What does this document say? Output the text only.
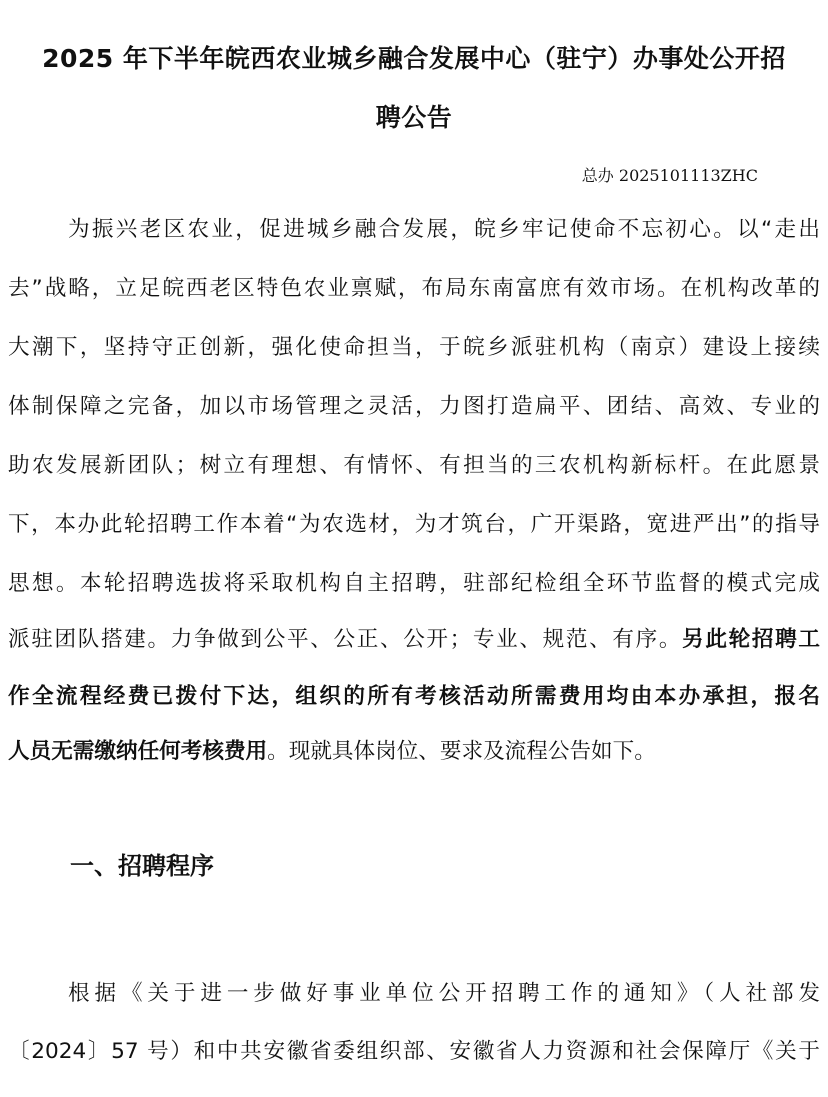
2025 年下半年皖西农业城乡融合发展中心（驻宁）办事处公开招
聘公告
总办 2025101113ZHC
为振兴老区农业，促进城乡融合发展，皖乡牢记使命不忘初心。以“走出
去”战略，立足皖西老区特色农业禀赋，布局东南富庶有效市场。在机构改革的
大潮下，坚持守正创新，强化使命担当，于皖乡派驻机构（南京）建设上接续
体制保障之完备，加以市场管理之灵活，力图打造扁平、团结、高效、专业的
助农发展新团队；树立有理想、有情怀、有担当的三农机构新标杆。在此愿景
下，本办此轮招聘工作本着“为农选材，为才筑台，广开渠路，宽进严出”的指导
思想。本轮招聘选拔将采取机构自主招聘，驻部纪检组全环节监督的模式完成
派驻团队搭建。力争做到公平、公正、公开；专业、规范、有序。另此轮招聘工
作全流程经费已拨付下达，组织的所有考核活动所需费用均由本办承担，报名
人员无需缴纳任何考核费用。现就具体岗位、要求及流程公告如下。
一、招聘程序
根据《关于进一步做好事业单位公开招聘工作的通知》（人社部发
〔2024〕57 号）和中共安徽省委组织部、安徽省人力资源和社会保障厅《关于
